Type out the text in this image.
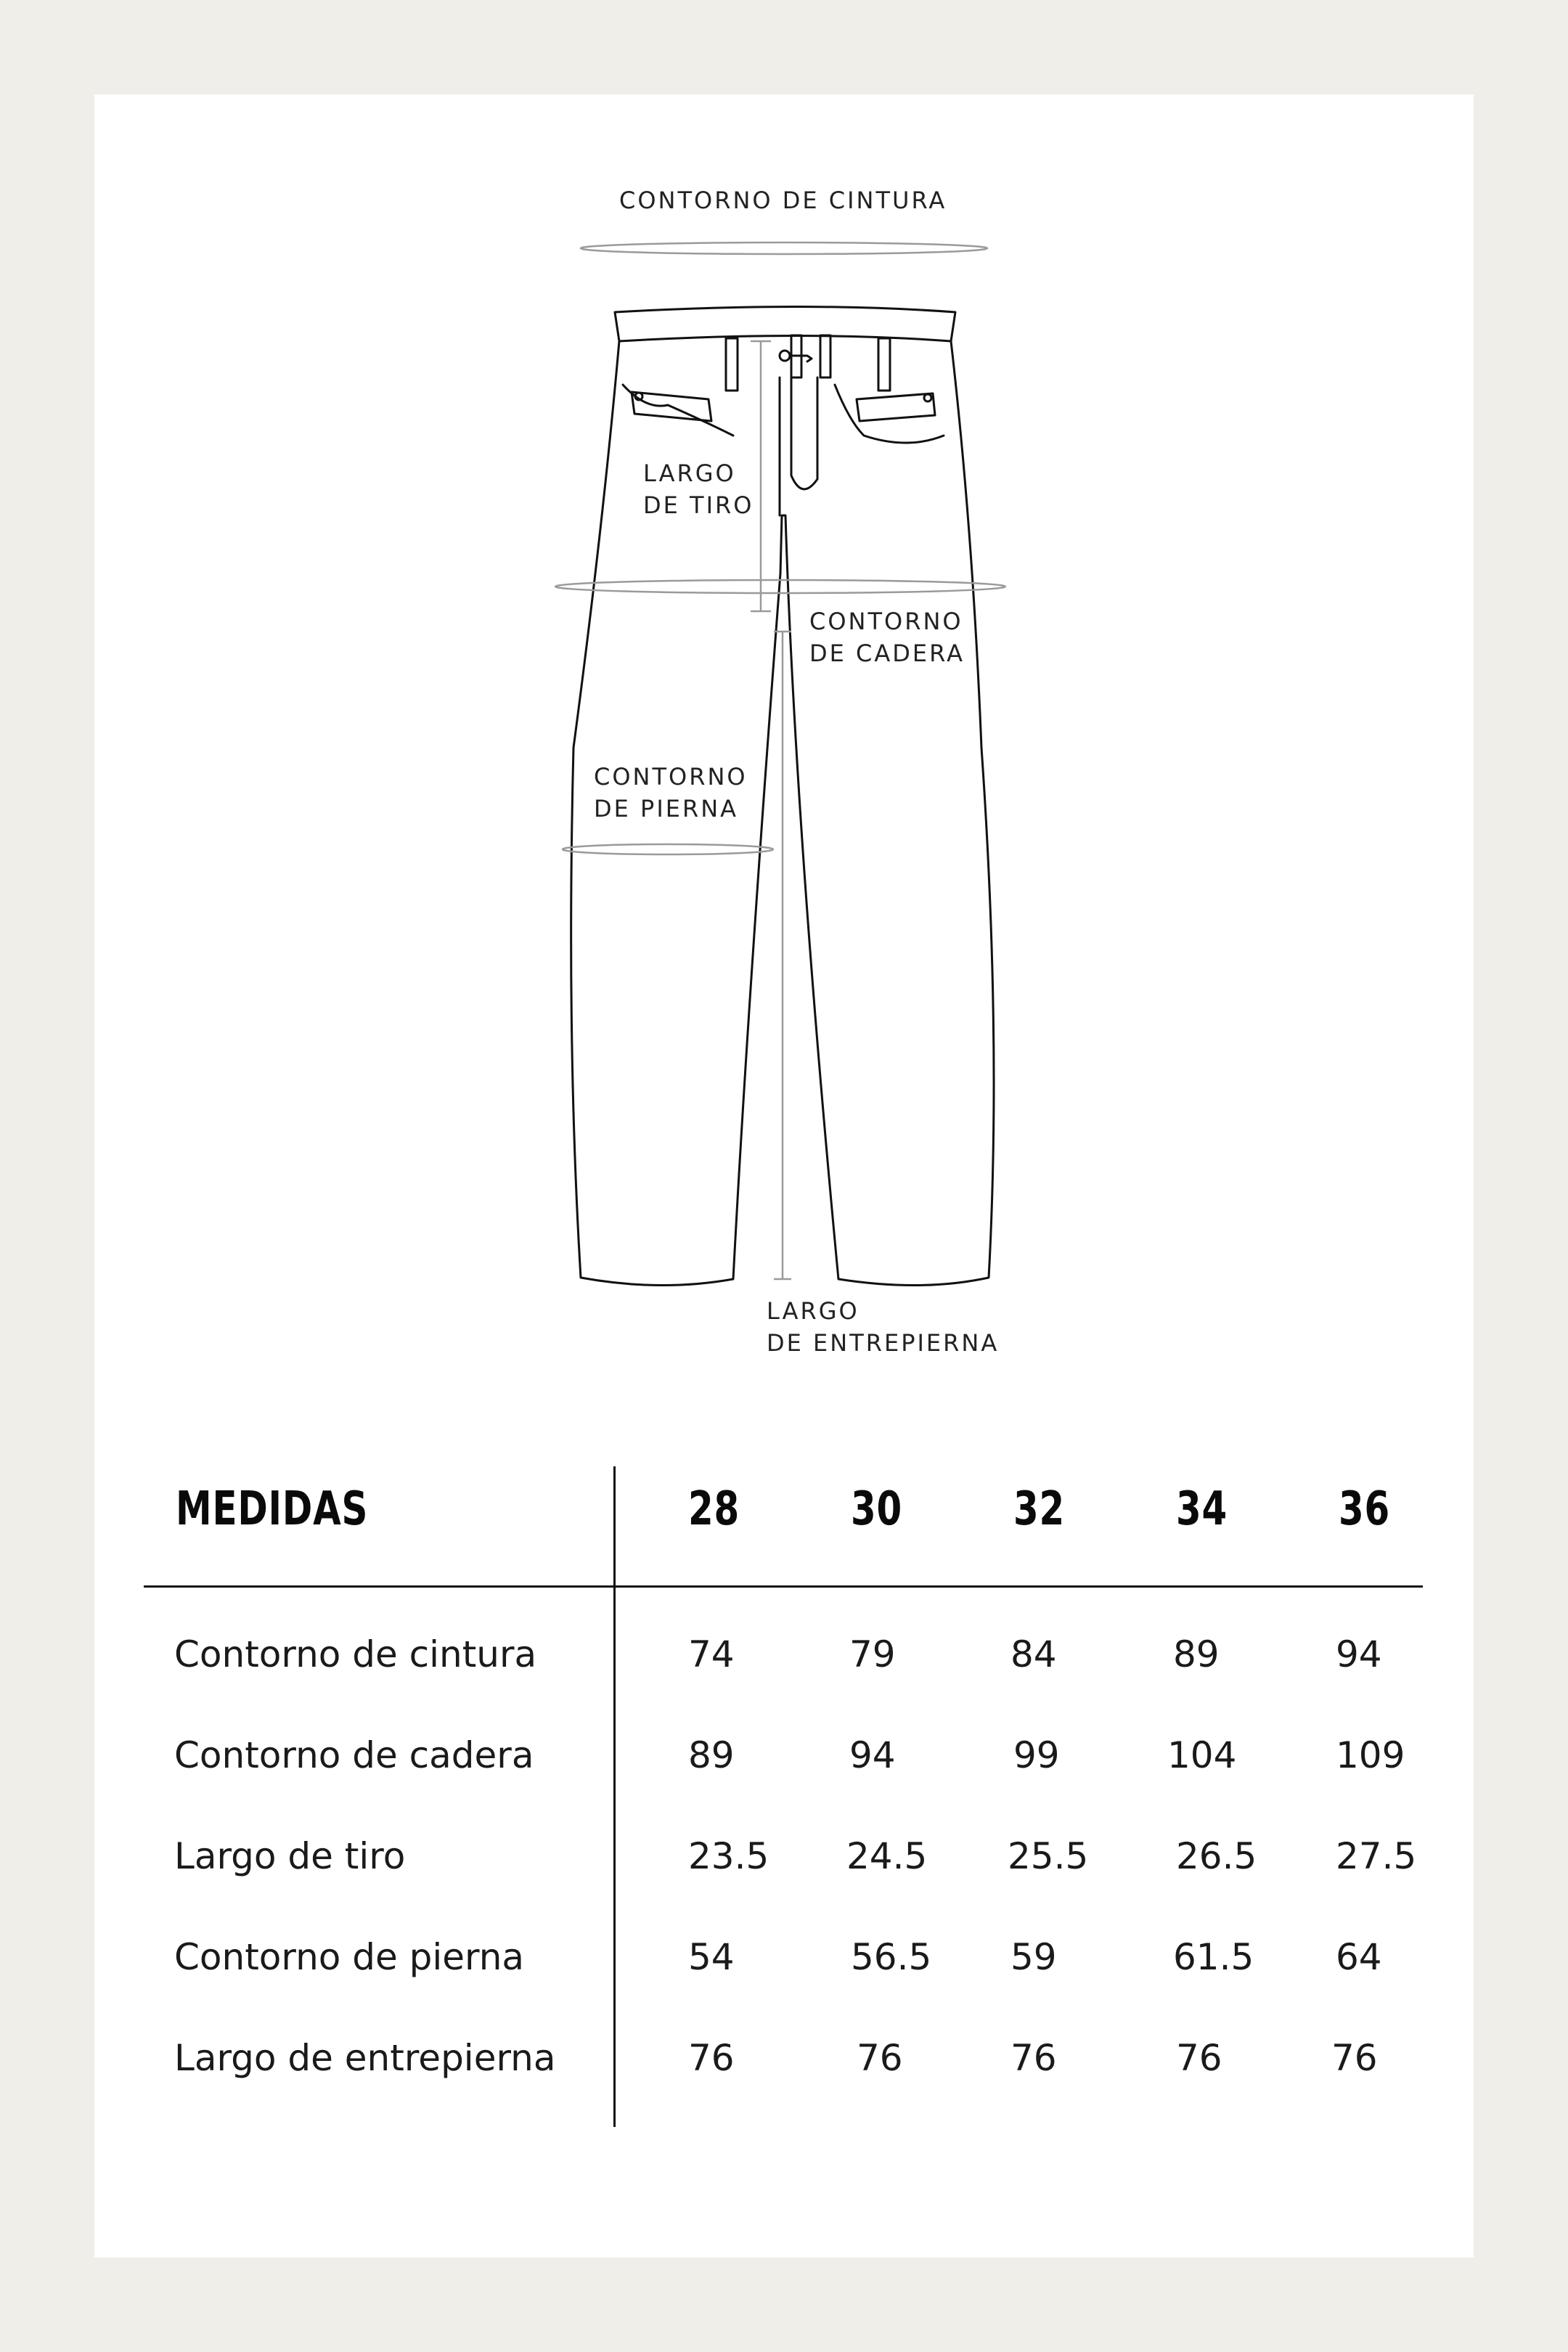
CONTORNO DE CINTURA

LARGO

DE TIRO

CONTORNO

DE CADERA

CONTORNO

DE PIERNA

LARGO

DE ENTREPIERNA

MEDIDAS	28 30 32 34 36
Contorno de cintura	74	79	84	89	94
Contorno de cadera	89	94	99	104	109
Largo de tiro	23.5 24.5 25.5 26.5 27.5
Contorno de pierna	54	56.5 59	61.5 64
Largo de entrepierna	76	76	76	76	76
